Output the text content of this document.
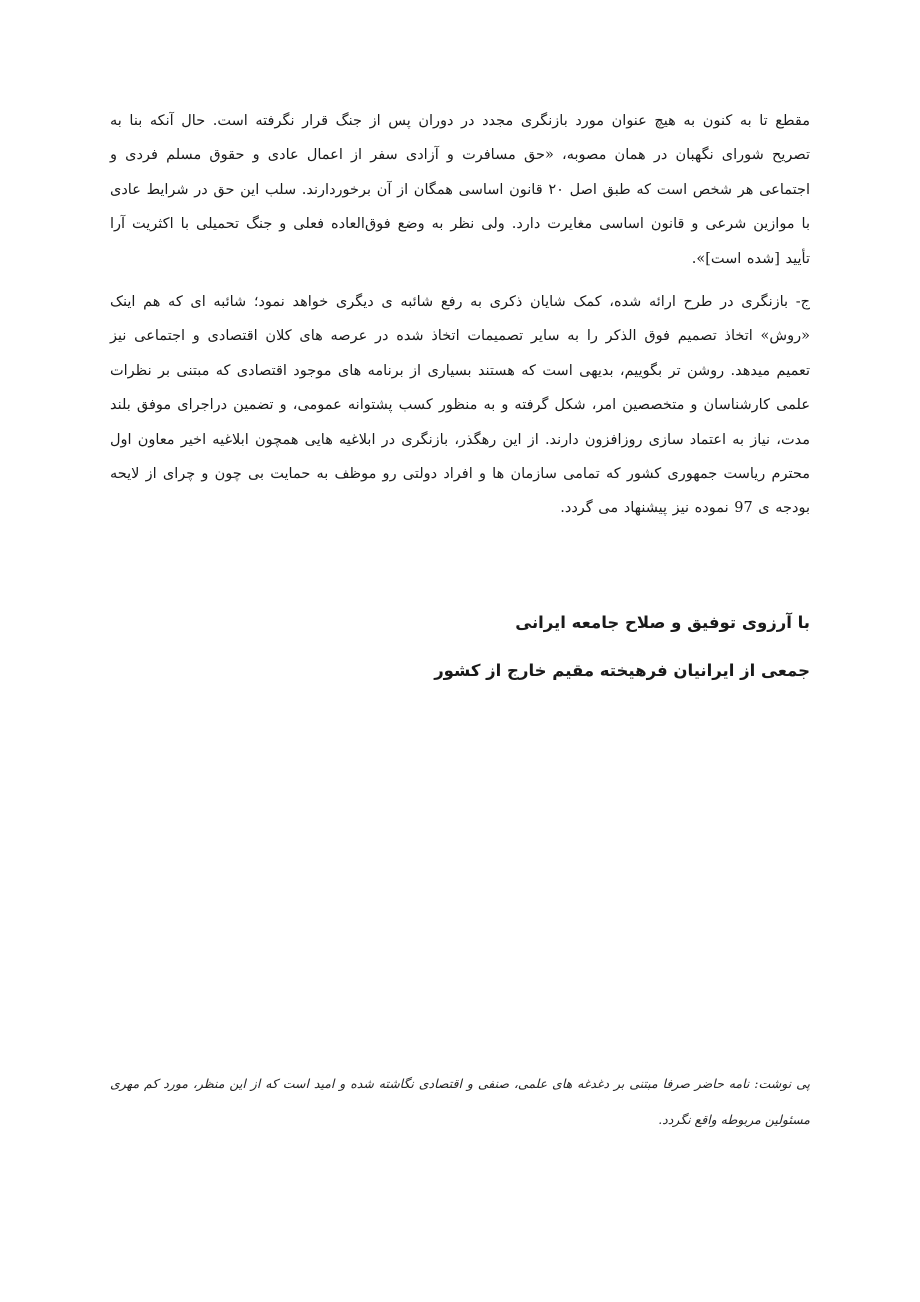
مقطع تا به کنون به هیچ عنوان مورد بازنگری مجدد در دوران پس از جنگ قرار نگرفته است. حال آنکه بنا به تصریح شورای نگهبان در همان مصوبه، «حق مسافرت و آزادی سفر از اعمال عادی و حقوق مسلم فردی و اجتماعی هر شخص است که طبق اصل ۲۰ قانون اساسی همگان از آن برخوردارند. سلب این حق در شرایط عادی با موازین شرعی و قانون اساسی مغایرت دارد. ولی نظر به وضع فوق‌العاده فعلی و جنگ تحمیلی با اکثریت آرا تأیید [شده است]».

ج- بازنگری در طرح ارائه شده، کمک شایان ذکری به رفع شائبه ی دیگری خواهد نمود؛ شائبه ای که هم اینک «روش» اتخاذ تصمیم فوق الذکر را به سایر تصمیمات اتخاذ شده در عرصه های کلان اقتصادی و اجتماعی نیز تعمیم میدهد. روشن تر بگوییم، بدیهی است که هستند بسیاری از برنامه های موجود اقتصادی که مبتنی بر نظرات علمی کارشناسان و متخصصین امر، شکل گرفته و به منظور کسب پشتوانه عمومی، و تضمین دراجرای موفق بلند مدت، نیاز به اعتماد سازی روزافزون دارند. از این رهگذر، بازنگری در ابلاغیه هایی همچون ابلاغیه اخیر معاون اول محترم ریاست جمهوری کشور که تمامی سازمان ها و افراد دولتی رو موظف به حمایت بی چون و چرای از لایحه بودجه ی 97 نموده نیز پیشنهاد می گردد.

با آرزوی توفیق و صلاح جامعه ایرانی

جمعی از ایرانیان فرهیخته مقیم خارج از کشور

پی نوشت: نامه حاضر صرفا مبتنی بر دغدغه های علمی، صنفی و اقتصادی نگاشته شده و امید است که از این منظر، مورد کم مهری مسئولین مربوطه واقع نگردد.
